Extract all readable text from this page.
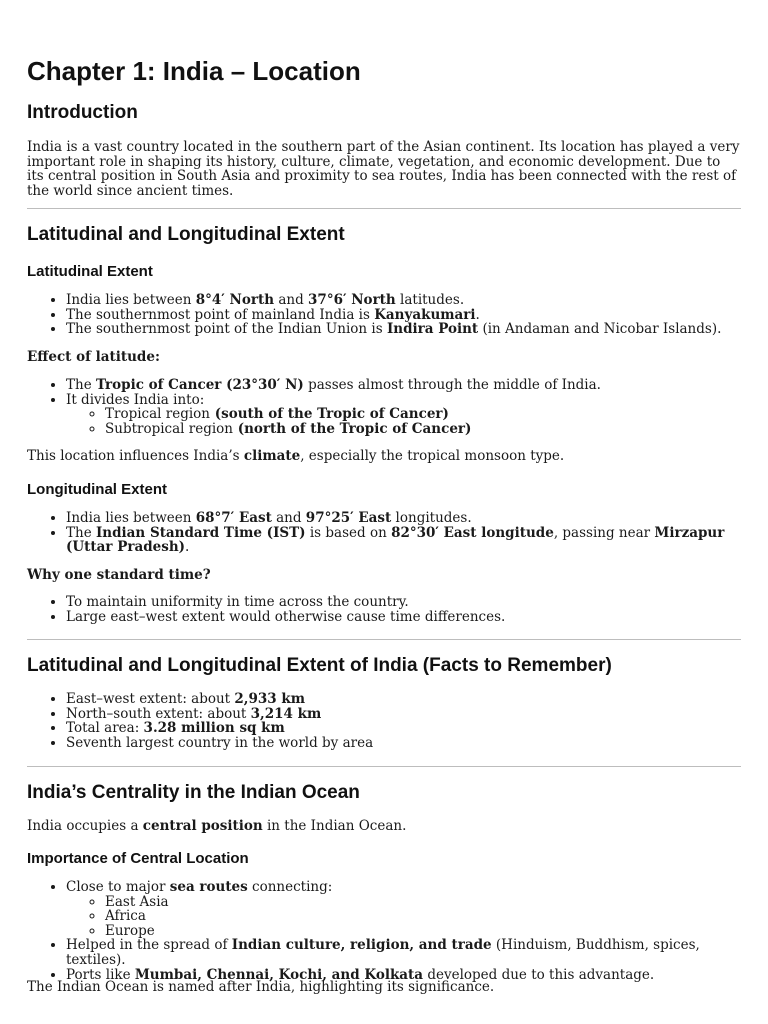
Chapter 1: India – Location
Introduction

India is a vast country located in the southern part of the Asian continent. Its location has played a very important role in shaping its history, culture, climate, vegetation, and economic development. Due to its central position in South Asia and proximity to sea routes, India has been connected with the rest of the world since ancient times.

Latitudinal and Longitudinal Extent
Latitudinal Extent
• India lies between 8°4′ North and 37°6′ North latitudes.
• The southernmost point of mainland India is Kanyakumari.
• The southernmost point of the Indian Union is Indira Point (in Andaman and Nicobar Islands).

Effect of latitude:

• The Tropic of Cancer (23°30′ N) passes almost through the middle of India.
• It divides India into:
◦ Tropical region (south of the Tropic of Cancer)
◦ Subtropical region (north of the Tropic of Cancer)

This location influences India’s climate, especially the tropical monsoon type.

Longitudinal Extent
• India lies between 68°7′ East and 97°25′ East longitudes.
• The Indian Standard Time (IST) is based on 82°30′ East longitude, passing near Mirzapur (Uttar Pradesh).

Why one standard time?

• To maintain uniformity in time across the country.
• Large east–west extent would otherwise cause time differences.
Latitudinal and Longitudinal Extent of India (Facts to Remember)
• East–west extent: about 2,933 km
• North–south extent: about 3,214 km
• Total area: 3.28 million sq km
• Seventh largest country in the world by area
India’s Centrality in the Indian Ocean

India occupies a central position in the Indian Ocean.

Importance of Central Location
• Close to major sea routes connecting:
◦ East Asia
◦ Africa
◦ Europe
• Helped in the spread of Indian culture, religion, and trade (Hinduism, Buddhism, spices, textiles).
• Ports like Mumbai, Chennai, Kochi, and Kolkata developed due to this advantage.

The Indian Ocean is named after India, highlighting its significance.
